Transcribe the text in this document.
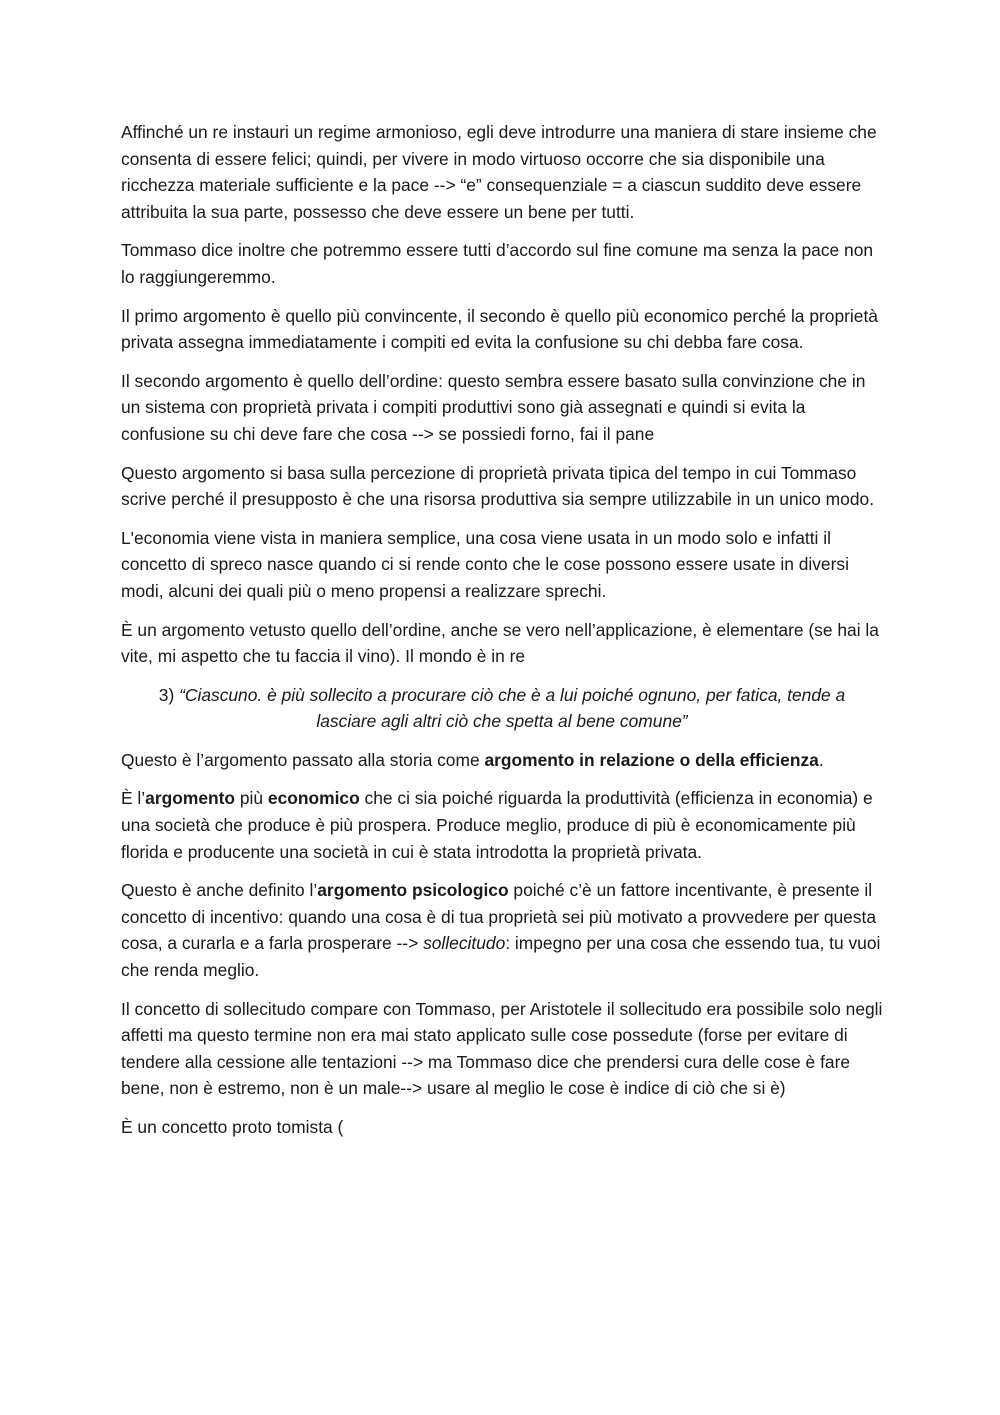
Affinché un re instauri un regime armonioso, egli deve introdurre una maniera di stare insieme che consenta di essere felici; quindi, per vivere in modo virtuoso occorre che sia disponibile una ricchezza materiale sufficiente e la pace --> “e” consequenziale = a ciascun suddito deve essere attribuita la sua parte, possesso che deve essere un bene per tutti.

Tommaso dice inoltre che potremmo essere tutti d’accordo sul fine comune ma senza la pace non lo raggiungeremmo.

Il primo argomento è quello più convincente, il secondo è quello più economico perché la proprietà privata assegna immediatamente i compiti ed evita la confusione su chi debba fare cosa.

Il secondo argomento è quello dell’ordine: questo sembra essere basato sulla convinzione che in un sistema con proprietà privata i compiti produttivi sono già assegnati e quindi si evita la confusione su chi deve fare che cosa --> se possiedi forno, fai il pane

Questo argomento si basa sulla percezione di proprietà privata tipica del tempo in cui Tommaso scrive perché il presupposto è che una risorsa produttiva sia sempre utilizzabile in un unico modo.

L'economia viene vista in maniera semplice, una cosa viene usata in un modo solo e infatti il concetto di spreco nasce quando ci si rende conto che le cose possono essere usate in diversi modi, alcuni dei quali più o meno propensi a realizzare sprechi.

È un argomento vetusto quello dell’ordine, anche se vero nell’applicazione, è elementare (se hai la vite, mi aspetto che tu faccia il vino). Il mondo è in re

3) “Ciascuno. è più sollecito a procurare ciò che è a lui poiché ognuno, per fatica, tende a
lasciare agli altri ciò che spetta al bene comune”

Questo è l’argomento passato alla storia come argomento in relazione o della efficienza.

È l’argomento più economico che ci sia poiché riguarda la produttività (efficienza in economia) e una società che produce è più prospera. Produce meglio, produce di più è economicamente più florida e producente una società in cui è stata introdotta la proprietà privata.

Questo è anche definito l’argomento psicologico poiché c’è un fattore incentivante, è presente il concetto di incentivo: quando una cosa è di tua proprietà sei più motivato a provvedere per questa cosa, a curarla e a farla prosperare --> sollecitudo: impegno per una cosa che essendo tua, tu vuoi che renda meglio.

Il concetto di sollecitudo compare con Tommaso, per Aristotele il sollecitudo era possibile solo negli affetti ma questo termine non era mai stato applicato sulle cose possedute (forse per evitare di tendere alla cessione alle tentazioni --> ma Tommaso dice che prendersi cura delle cose è fare bene, non è estremo, non è un male--> usare al meglio le cose è indice di ciò che si è)

È un concetto proto tomista (
